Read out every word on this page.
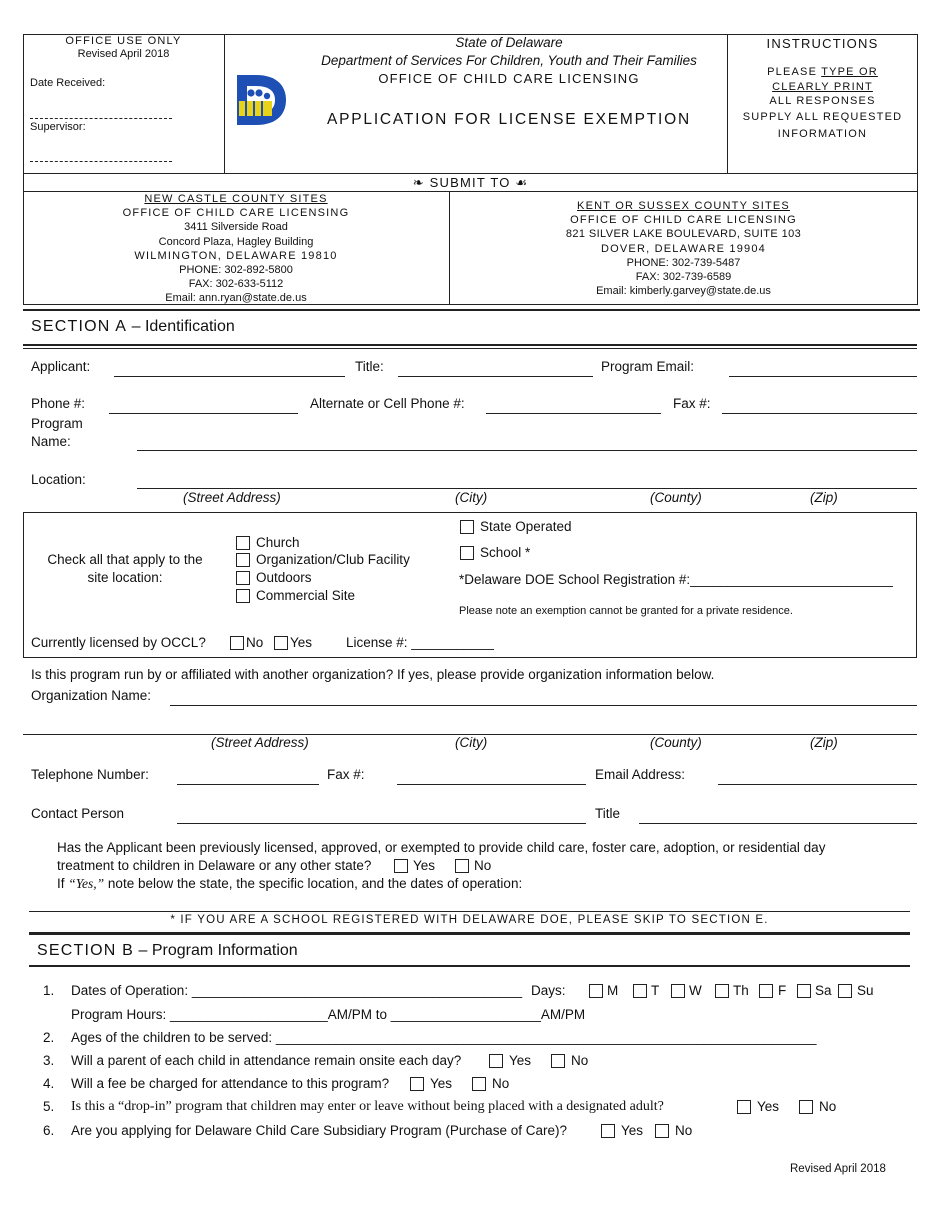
OFFICE USE ONLY
Revised April 2018
Date Received:
Supervisor:
State of Delaware
Department of Services For Children, Youth and Their Families
OFFICE OF CHILD CARE LICENSING
APPLICATION FOR LICENSE EXEMPTION
INSTRUCTIONS
PLEASE TYPE OR
CLEARLY PRINT
ALL RESPONSES
SUPPLY ALL REQUESTED
INFORMATION
❧ SUBMIT TO ☙
NEW CASTLE COUNTY SITES
OFFICE OF CHILD CARE LICENSING
3411 Silverside Road
Concord Plaza, Hagley Building
WILMINGTON, DELAWARE 19810
PHONE: 302-892-5800
FAX: 302-633-5112
Email: ann.ryan@state.de.us
KENT OR SUSSEX COUNTY SITES
OFFICE OF CHILD CARE LICENSING
821 SILVER LAKE BOULEVARD, SUITE 103
DOVER, DELAWARE 19904
PHONE: 302-739-5487
FAX: 302-739-6589
Email: kimberly.garvey@state.de.us
SECTION A – Identification
Applicant:	Title:	Program Email:
Phone #:	Alternate or Cell Phone #:	Fax #:
Program
Name:
Location:
(Street Address)	(City)	(County)	(Zip)
Check all that apply to the
site location:
Church
Organization/Club Facility
Outdoors
Commercial Site
State Operated
School *
*Delaware DOE School Registration #:___________________________
Please note an exemption cannot be granted for a private residence.
Currently licensed by OCCL?	No Yes	License #: ___________
Is this program run by or affiliated with another organization? If yes, please provide organization information below.
Organization Name:
(Street Address)	(City)	(County)	(Zip)
Telephone Number:	Fax #:	Email Address:
Contact Person	Title
Has the Applicant been previously licensed, approved, or exempted to provide child care, foster care, adoption, or residential day
treatment to children in Delaware or any other state?	Yes	No
If “Yes,” note below the state, the specific location, and the dates of operation:
* IF YOU ARE A SCHOOL REGISTERED WITH DELAWARE DOE, PLEASE SKIP TO SECTION E.
SECTION B – Program Information
1. Dates of Operation: ____________________________________________ Days:	M T W Th F Sa Su
Program Hours: _____________________AM/PM to ____________________AM/PM
2. Ages of the children to be served: ________________________________________________________________________
3. Will a parent of each child in attendance remain onsite each day?	Yes	No
4. Will a fee be charged for attendance to this program?	Yes	No
5. Is this a “drop-in” program that children may enter or leave without being placed with a designated adult?	Yes	No
6. Are you applying for Delaware Child Care Subsidiary Program (Purchase of Care)?	Yes No
Revised April 2018
